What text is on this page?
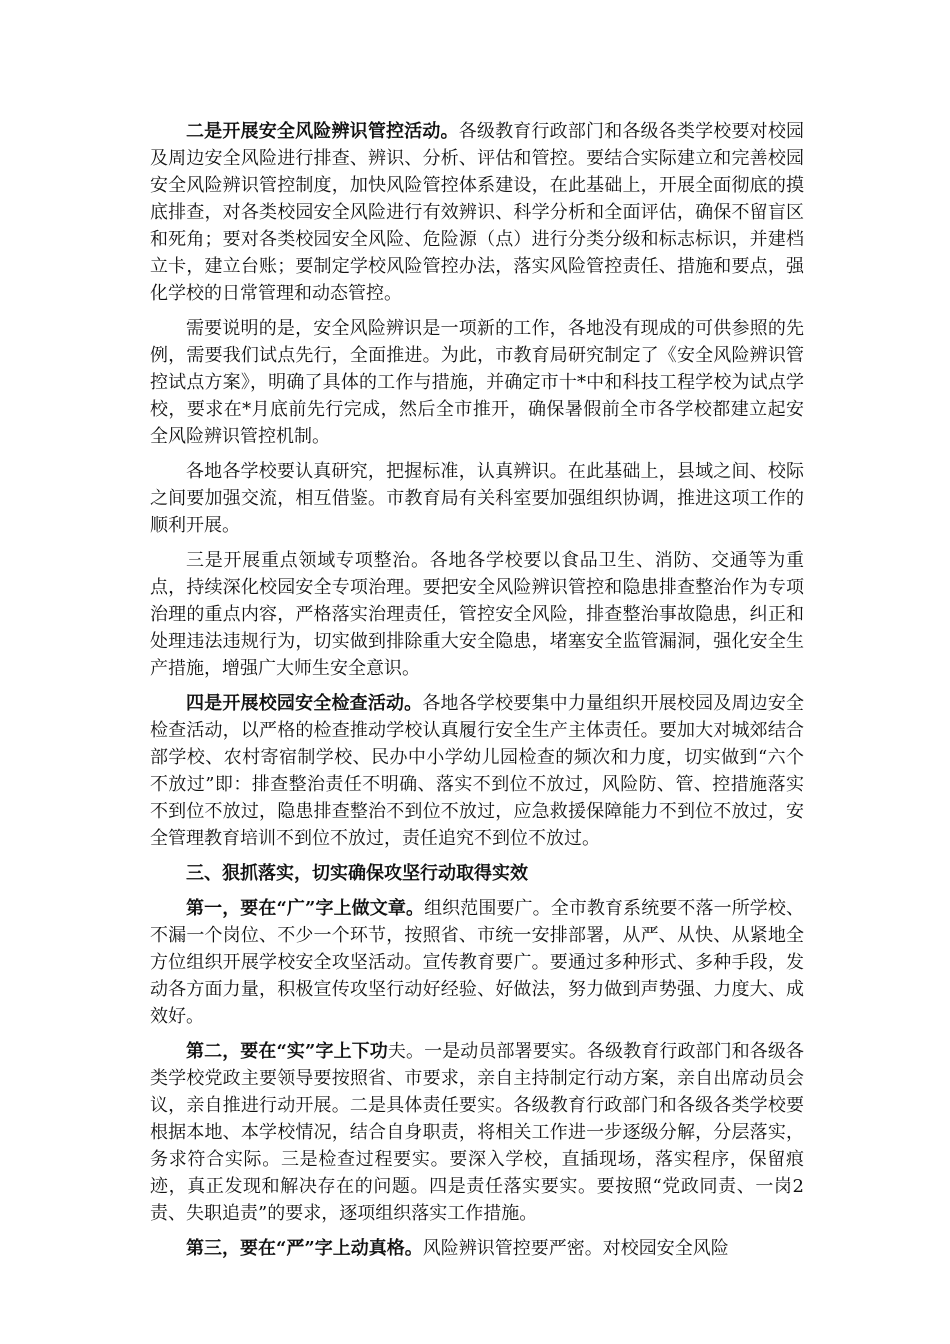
二是开展安全风险辨识管控活动。各级教育行政部门和各级各类学校要对校园及周边安全风险进行排查、辨识、分析、评估和管控。要结合实际建立和完善校园安全风险辨识管控制度，加快风险管控体系建设，在此基础上，开展全面彻底的摸底排查，对各类校园安全风险进行有效辨识、科学分析和全面评估，确保不留盲区和死角；要对各类校园安全风险、危险源（点）进行分类分级和标志标识，并建档立卡，建立台账；要制定学校风险管控办法，落实风险管控责任、措施和要点，强化学校的日常管理和动态管控。

需要说明的是，安全风险辨识是一项新的工作，各地没有现成的可供参照的先例，需要我们试点先行，全面推进。为此，市教育局研究制定了《安全风险辨识管控试点方案》，明确了具体的工作与措施，并确定市十*中和科技工程学校为试点学校，要求在*月底前先行完成，然后全市推开，确保暑假前全市各学校都建立起安全风险辨识管控机制。

各地各学校要认真研究，把握标准，认真辨识。在此基础上，县域之间、校际之间要加强交流，相互借鉴。市教育局有关科室要加强组织协调，推进这项工作的顺利开展。

三是开展重点领域专项整治。各地各学校要以食品卫生、消防、交通等为重点，持续深化校园安全专项治理。要把安全风险辨识管控和隐患排查整治作为专项治理的重点内容，严格落实治理责任，管控安全风险，排查整治事故隐患，纠正和处理违法违规行为，切实做到排除重大安全隐患，堵塞安全监管漏洞，强化安全生产措施，增强广大师生安全意识。

四是开展校园安全检查活动。各地各学校要集中力量组织开展校园及周边安全检查活动，以严格的检查推动学校认真履行安全生产主体责任。要加大对城郊结合部学校、农村寄宿制学校、民办中小学幼儿园检查的频次和力度，切实做到“六个不放过”即：排查整治责任不明确、落实不到位不放过，风险防、管、控措施落实不到位不放过，隐患排查整治不到位不放过，应急救援保障能力不到位不放过，安全管理教育培训不到位不放过，责任追究不到位不放过。

三、狠抓落实，切实确保攻坚行动取得实效

第一，要在“广”字上做文章。组织范围要广。全市教育系统要不落一所学校、不漏一个岗位、不少一个环节，按照省、市统一安排部署，从严、从快、从紧地全方位组织开展学校安全攻坚活动。宣传教育要广。要通过多种形式、多种手段，发动各方面力量，积极宣传攻坚行动好经验、好做法，努力做到声势强、力度大、成效好。

第二，要在“实”字上下功夫。一是动员部署要实。各级教育行政部门和各级各类学校党政主要领导要按照省、市要求，亲自主持制定行动方案，亲自出席动员会议，亲自推进行动开展。二是具体责任要实。各级教育行政部门和各级各类学校要根据本地、本学校情况，结合自身职责，将相关工作进一步逐级分解，分层落实，务求符合实际。三是检查过程要实。要深入学校，直插现场，落实程序，保留痕迹，真正发现和解决存在的问题。四是责任落实要实。要按照“党政同责、一岗2责、失职追责”的要求，逐项组织落实工作措施。

第三，要在“严”字上动真格。风险辨识管控要严密。对校园安全风险
